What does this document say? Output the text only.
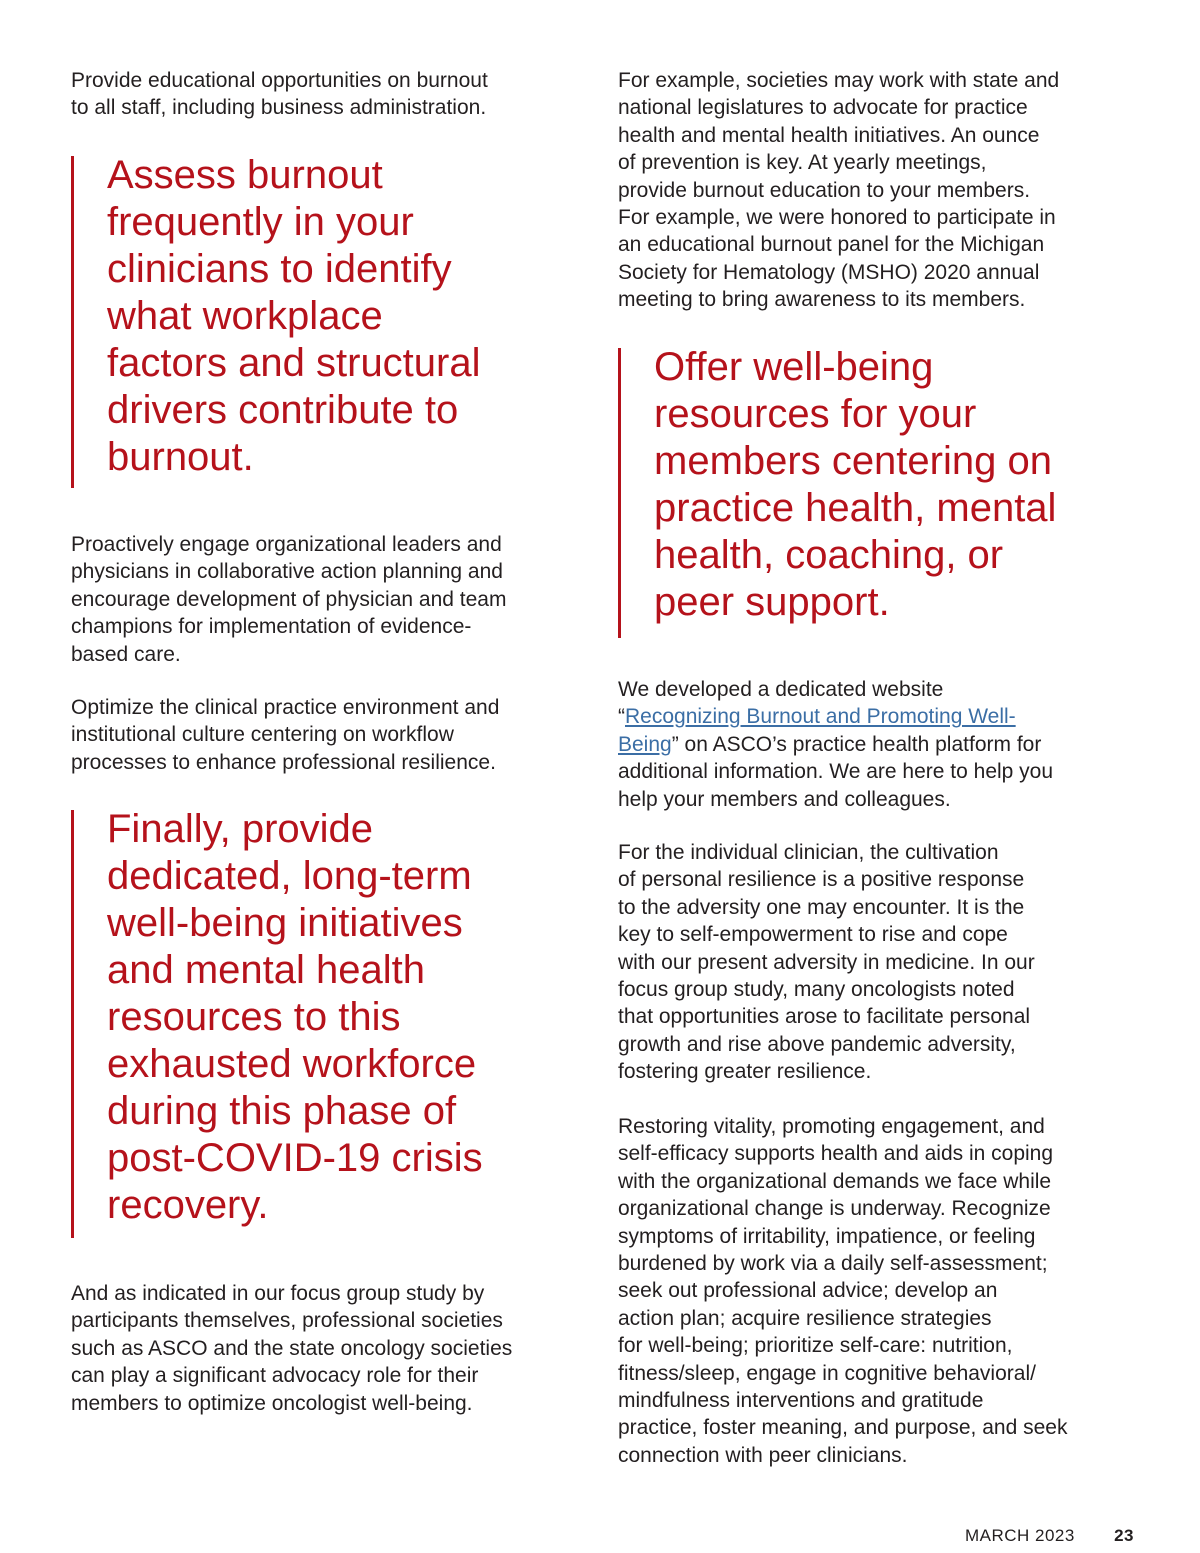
Provide educational opportunities on burnout
to all staff, including business administration.

Assess burnout
frequently in your
clinicians to identify
what workplace
factors and structural
drivers contribute to
burnout.

Proactively engage organizational leaders and
physicians in collaborative action planning and
encourage development of physician and team
champions for implementation of evidence-
based care.

Optimize the clinical practice environment and
institutional culture centering on workflow
processes to enhance professional resilience.

Finally, provide
dedicated, long-term
well-being initiatives
and mental health
resources to this
exhausted workforce
during this phase of
post-COVID-19 crisis
recovery.

And as indicated in our focus group study by
participants themselves, professional societies
such as ASCO and the state oncology societies
can play a significant advocacy role for their
members to optimize oncologist well-being.

For example, societies may work with state and
national legislatures to advocate for practice
health and mental health initiatives. An ounce
of prevention is key. At yearly meetings,
provide burnout education to your members.
For example, we were honored to participate in
an educational burnout panel for the Michigan
Society for Hematology (MSHO) 2020 annual
meeting to bring awareness to its members.

Offer well-being
resources for your
members centering on
practice health, mental
health, coaching, or
peer support.

We developed a dedicated website
“Recognizing Burnout and Promoting Well-
Being” on ASCO’s practice health platform for
additional information. We are here to help you
help your members and colleagues.

For the individual clinician, the cultivation
of personal resilience is a positive response
to the adversity one may encounter. It is the
key to self-empowerment to rise and cope
with our present adversity in medicine. In our
focus group study, many oncologists noted
that opportunities arose to facilitate personal
growth and rise above pandemic adversity,
fostering greater resilience.

Restoring vitality, promoting engagement, and
self-efficacy supports health and aids in coping
with the organizational demands we face while
organizational change is underway. Recognize
symptoms of irritability, impatience, or feeling
burdened by work via a daily self-assessment;
seek out professional advice; develop an
action plan; acquire resilience strategies
for well-being; prioritize self-care: nutrition,
fitness/sleep, engage in cognitive behavioral/
mindfulness interventions and gratitude
practice, foster meaning, and purpose, and seek
connection with peer clinicians.

MARCH 2023 23
